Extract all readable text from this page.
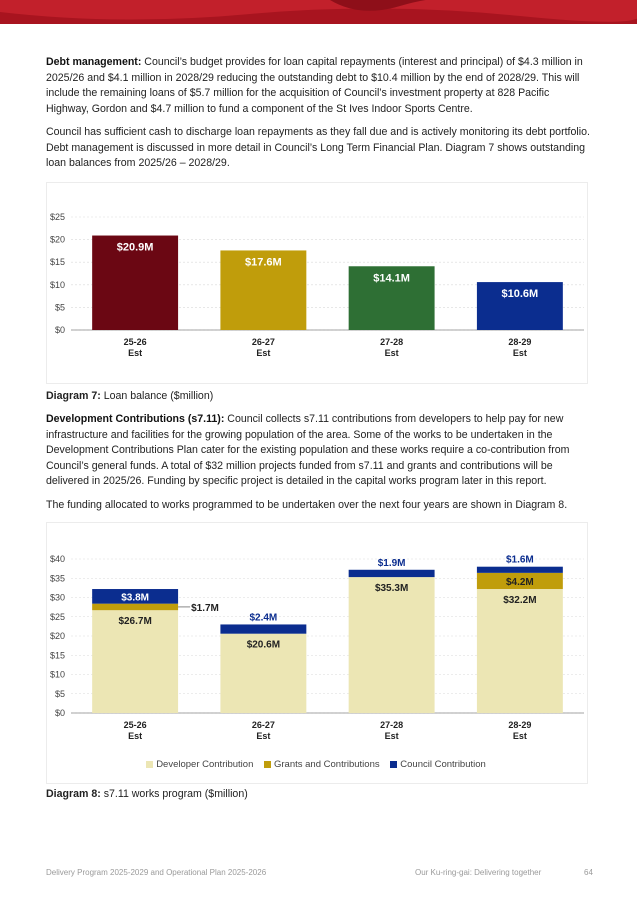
Debt management: Council’s budget provides for loan capital repayments (interest and principal) of $4.3 million in 2025/26 and $4.1 million in 2028/29 reducing the outstanding debt to $10.4 million by the end of 2028/29. This will include the remaining loans of $5.7 million for the acquisition of Council’s investment property at 828 Pacific Highway, Gordon and $4.7 million to fund a component of the St Ives Indoor Sports Centre.

Council has sufficient cash to discharge loan repayments as they fall due and is actively monitoring its debt portfolio. Debt management is discussed in more detail in Council’s Long Term Financial Plan. Diagram 7 shows outstanding loan balances from 2025/26 – 2028/29.

$0
$5
$10
$15
$20
$25
25-26
Est
26-27
Est
27-28
Est
28-29
Est
$20.9M
$17.6M
$14.1M
$10.6M
Diagram 7: Loan balance ($million)

Development Contributions (s7.11): Council collects s7.11 contributions from developers to help pay for new infrastructure and facilities for the growing population of the area. Some of the works to be undertaken in the Development Contributions Plan cater for the existing population and these works require a co-contribution from Council’s general funds. A total of $32 million projects funded from s7.11 and grants and contributions will be delivered in 2025/26. Funding by specific project is detailed in the capital works program later in this report.

The funding allocated to works programmed to be undertaken over the next four years are shown in Diagram 8.

$0
$5
$10
$15
$20
$25
$30
$35
$40
25-26
Est
26-27
Est
27-28
Est
28-29
Est
$26.7M
$1.7M
$3.8M
$20.6M
$2.4M
$35.3M
$1.9M
$32.2M
$4.2M
$1.6M
Developer Contribution Grants and Contributions Council Contribution
Diagram 8: s7.11 works program ($million)
Delivery Program 2025-2029 and Operational Plan 2025-2026	Our Ku-ring-gai: Delivering together	64
